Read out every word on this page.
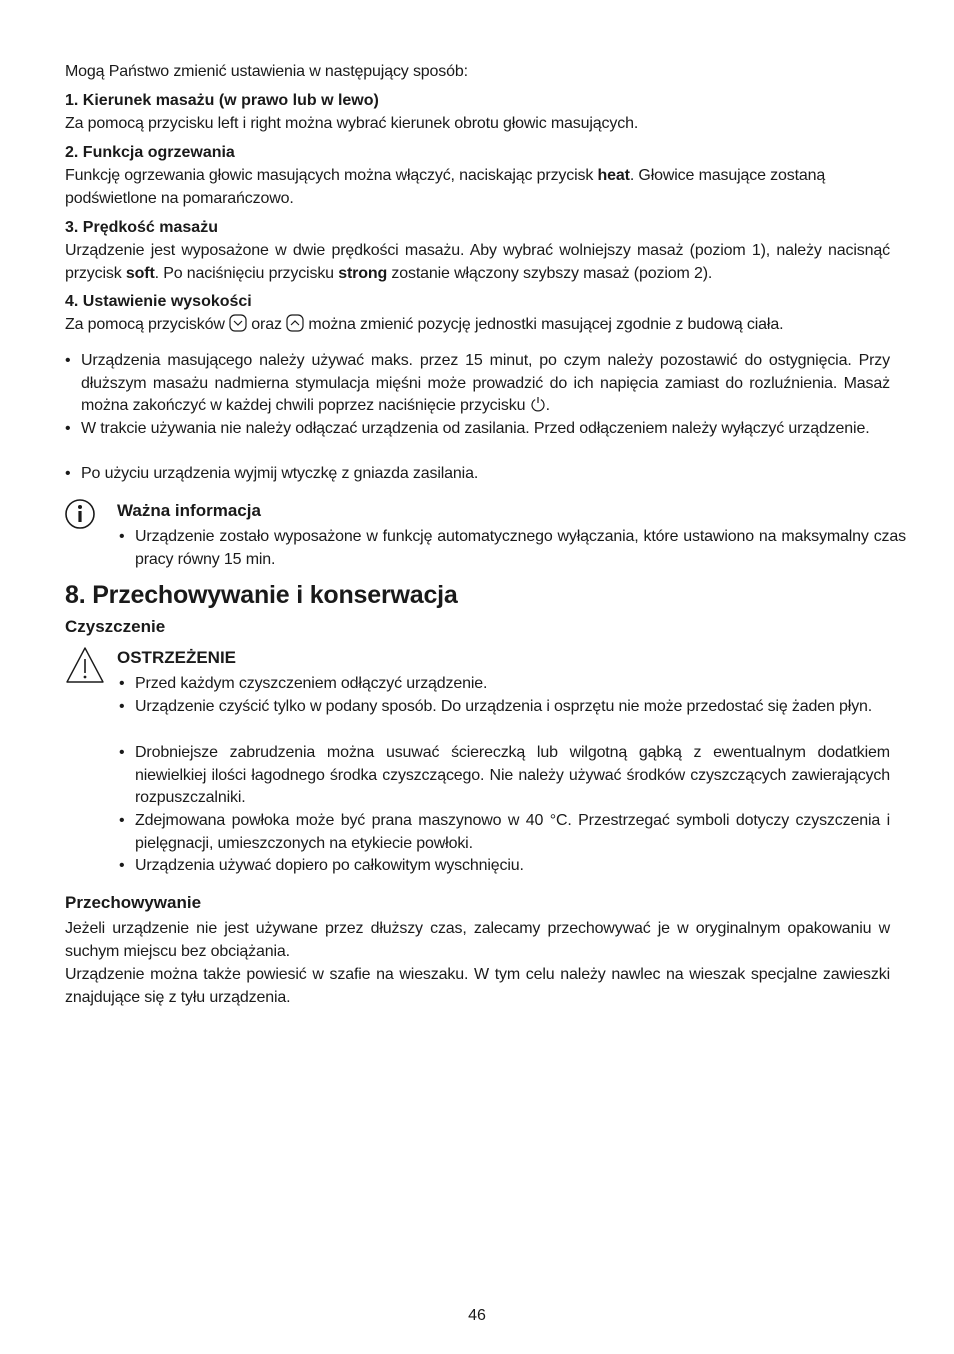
Mogą Państwo zmienić ustawienia w następujący sposób:

1. Kierunek masażu (w prawo lub w lewo)

Za pomocą przycisku left i right można wybrać kierunek obrotu głowic masujących.

2. Funkcja ogrzewania

Funkcję ogrzewania głowic masujących można włączyć, naciskając przycisk heat. Głowice masujące zostaną podświetlone na pomarańczowo.

3. Prędkość masażu

Urządzenie jest wyposażone w dwie prędkości masażu. Aby wybrać wolniejszy masaż (poziom 1), należy nacisnąć przycisk soft. Po naciśnięciu przycisku strong zostanie włączony szybszy masaż (poziom 2).

4. Ustawienie wysokości

Za pomocą przycisków  oraz  można zmienić pozycję jednostki masującej zgodnie z budową ciała.

• Urządzenia masującego należy używać maks. przez 15 minut, po czym należy pozostawić do ostygnięcia. Przy dłuższym masażu nadmierna stymulacja mięśni może prowadzić do ich napięcia zamiast do rozluźnienia. Masaż można zakończyć w każdej chwili poprzez naciśnięcie przycisku .
• W trakcie używania nie należy odłączać urządzenia od zasilania. Przed odłączeniem należy wyłączyć urządzenie.
• Po użyciu urządzenia wyjmij wtyczkę z gniazda zasilania.

Ważna informacja

• Urządzenie zostało wyposażone w funkcję automatycznego wyłączania, które ustawiono na maksymalny czas pracy równy 15 min.
8. Przechowywanie i konserwacja

Czyszczenie

OSTRZEŻENIE

• Przed każdym czyszczeniem odłączyć urządzenie.
• Urządzenie czyścić tylko w podany sposób. Do urządzenia i osprzętu nie może przedostać się żaden płyn.
• Drobniejsze zabrudzenia można usuwać ściereczką lub wilgotną gąbką z ewentualnym dodatkiem niewielkiej ilości łagodnego środka czyszczącego. Nie należy używać środków czyszczących zawierających rozpuszczalniki.
• Zdejmowana powłoka może być prana maszynowo w 40 °C. Przestrzegać symboli dotyczy czyszczenia i pielęgnacji, umieszczonych na etykiecie powłoki.
• Urządzenia używać dopiero po całkowitym wyschnięciu.

Przechowywanie

Jeżeli urządzenie nie jest używane przez dłuższy czas, zalecamy przechowywać je w oryginalnym opakowaniu w suchym miejscu bez obciążania.

Urządzenie można także powiesić w szafie na wieszaku. W tym celu należy nawlec na wieszak specjalne zawieszki znajdujące się z tyłu urządzenia.

46
